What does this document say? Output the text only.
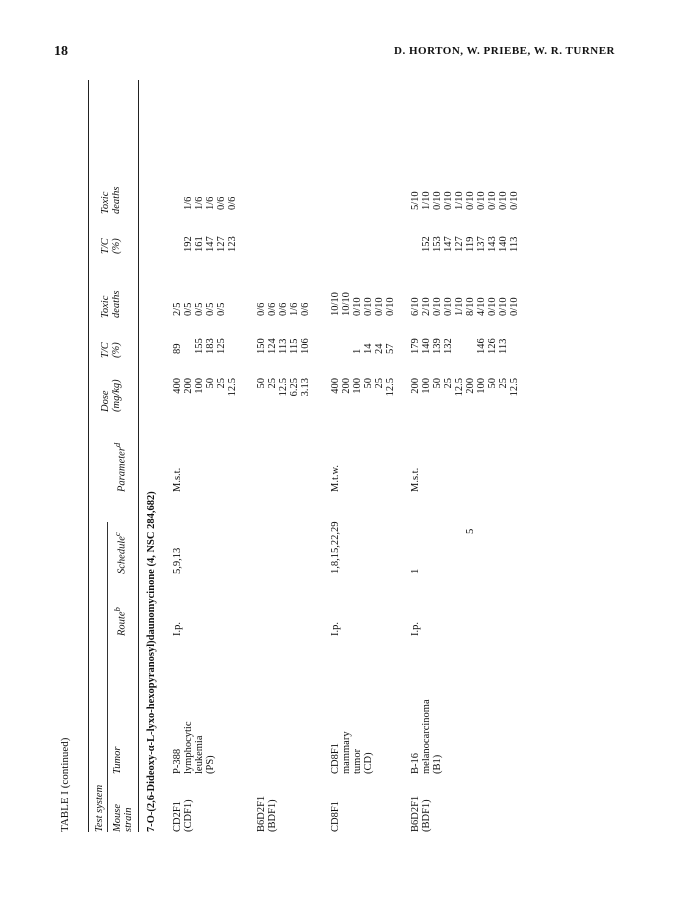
18	D. HORTON, W. PRIEBE, W. R. TURNER
TABLE I (continued) Test system Mouse strain
Tumor
Route$^b$
Schedule$^c$
Parameter$^d$
Dose (mg/kg)
T/C (%)
Toxic deaths
T/C (%)
Toxic deaths
7-O-(2,6-Dideoxy-α-L-lyxo-hexopyranosyl)daunomycinone (4, NSC 284,682) CD2F1 (CDF1)
P-388 lymphocytic leukemia (PS)
I.p.
5,9,13
M.s.t.
400 200 100 50 25 12.5
89 155 183 125
2/5 0/5 0/5 0/5 0/5
192 161 147 127 123
1/6 1/6 1/6 0/6 0/6
B6D2F1 (BDF1)
50 25 12.5 6.25 3.13
150 124 113 115 106
0/6 0/6 0/6 1/6 0/6
CD8F1
CD8F1 mammary tumor (CD)
I.p.
1,8,15,22,29
M.t.w.
400 200 100 50 25 12.5
1 14 24 57
10/10 10/10 0/10 0/10 0/10 0/10
B6D2F1 (BDF1)
B-16 melanocarcinoma (B1)
I.p.
1
M.s.t.
200 100 50 25 12.5 200 100 50 25 12.5
179 140 139 132 146 126 113
6/10 2/10 0/10 0/10 1/10 8/10 4/10 0/10 0/10 0/10
152 153 147 127 119 137 143 140 113
5/10 1/10 0/10 0/10 1/10 0/10 0/10 0/10 0/10 0/10
5
